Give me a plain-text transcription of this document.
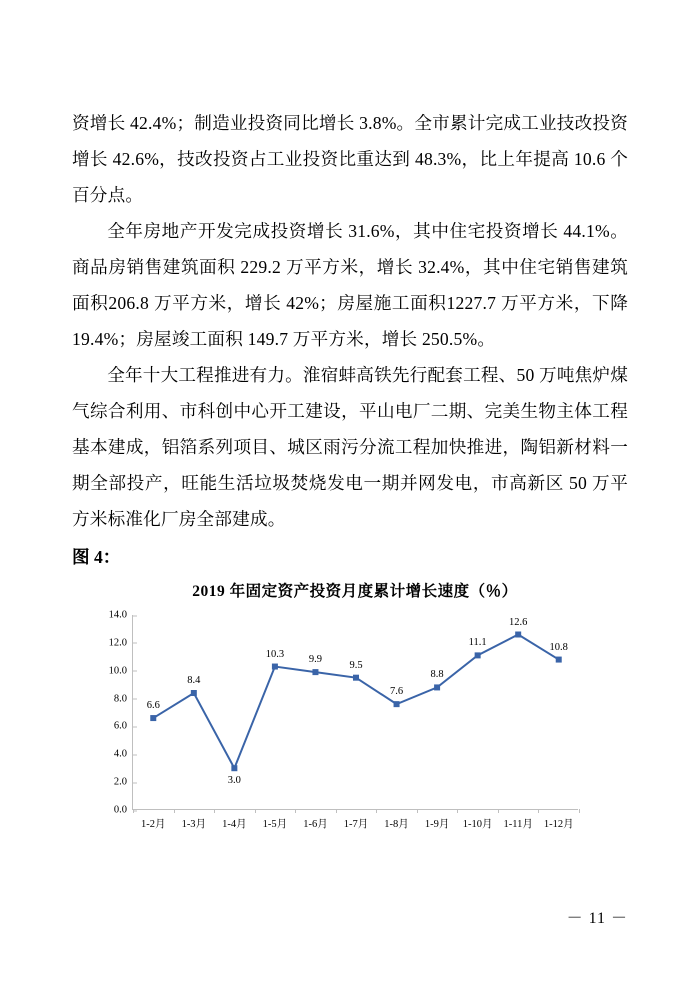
资增长 42.4%；制造业投资同比增长 3.8%。全市累计完成工业技改投资增长 42.6%，技改投资占工业投资比重达到 48.3%，比上年提高 10.6 个百分点。

全年房地产开发完成投资增长 31.6%，其中住宅投资增长 44.1%。商品房销售建筑面积 229.2 万平方米，增长 32.4%，其中住宅销售建筑面积206.8 万平方米，增长 42%；房屋施工面积1227.7 万平方米，下降 19.4%；房屋竣工面积 149.7 万平方米，增长 250.5%。

全年十大工程推进有力。淮宿蚌高铁先行配套工程、50 万吨焦炉煤气综合利用、市科创中心开工建设，平山电厂二期、完美生物主体工程基本建成，铝箔系列项目、城区雨污分流工程加快推进，陶铝新材料一期全部投产，旺能生活垃圾焚烧发电一期并网发电，市高新区 50 万平方米标准化厂房全部建成。

图 4：
2019 年固定资产投资月度累计增长速度（％）
0.0
2.0
4.0
6.0
8.0
10.0
12.0
14.0
1-2月 1-3月 1-4月 1-5月 1-6月 1-7月 1-8月 1-9月 1-10月 1-11月 1-12月
6.6
8.4
3.0
10.3
9.9
9.5
7.6
8.8
11.1
12.6
10.8
－ 11 －
